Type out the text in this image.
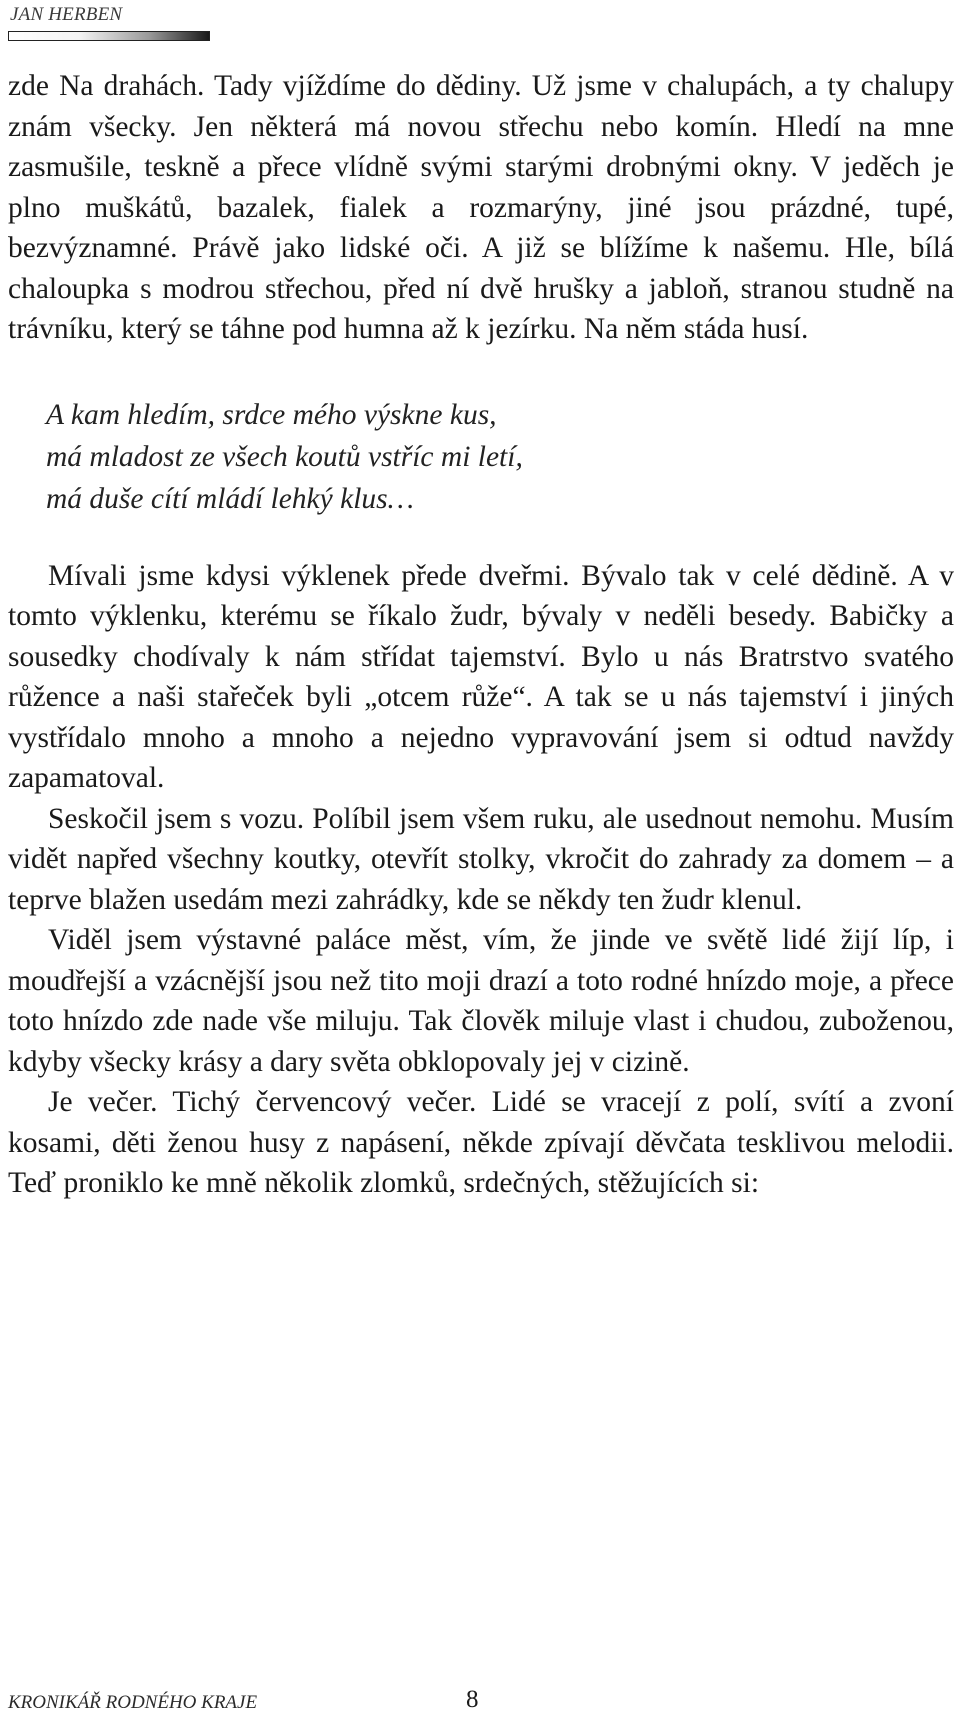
JAN HERBEN

zde Na drahách. Tady vjíždíme do dědiny. Už jsme v chalupách, a ty chalupy znám všecky. Jen některá má novou střechu nebo komín. Hledí na mne zasmušile, teskně a přece vlídně svými starými drobnými okny. V jeděch je plno muškátů, bazalek, fialek a rozmarýny, jiné jsou prázdné, tupé, bezvýznamné. Právě jako lidské oči. A již se blížíme k našemu. Hle, bílá chaloupka s modrou střechou, před ní dvě hrušky a jabloň, stranou studně na trávníku, který se táhne pod humna až k jezírku. Na něm stáda husí.

A kam hledím, srdce mého výskne kus,
má mladost ze všech koutů vstříc mi letí,
má duše cítí mládí lehký klus…

Mívali jsme kdysi výklenek přede dveřmi. Bývalo tak v celé dědině. A v tomto výklenku, kterému se říkalo žudr, bývaly v neděli besedy. Babičky a sousedky chodívaly k nám střídat tajemství. Bylo u nás Bratrstvo svatého růžence a naši stařeček byli „otcem růže“. A tak se u nás tajemství i jiných vystřídalo mnoho a mnoho a nejedno vypravování jsem si odtud navždy zapamatoval.

Seskočil jsem s vozu. Políbil jsem všem ruku, ale usednout nemohu. Musím vidět napřed všechny koutky, otevřít stolky, vkročit do zahrady za domem – a teprve blažen usedám mezi zahrádky, kde se někdy ten žudr klenul.

Viděl jsem výstavné paláce měst, vím, že jinde ve světě lidé žijí líp, i moudřejší a vzácnější jsou než tito moji drazí a toto rodné hnízdo moje, a přece toto hnízdo zde nade vše miluju. Tak člověk miluje vlast i chudou, zuboženou, kdyby všecky krásy a dary světa obklopovaly jej v cizině.

Je večer. Tichý červencový večer. Lidé se vracejí z polí, svítí a zvoní kosami, děti ženou husy z napásení, někde zpívají děvčata tesklivou melodii. Teď proniklo ke mně několik zlomků, srdečných, stěžujících si:

KRONIKÁŘ RODNÉHO KRAJE	8
